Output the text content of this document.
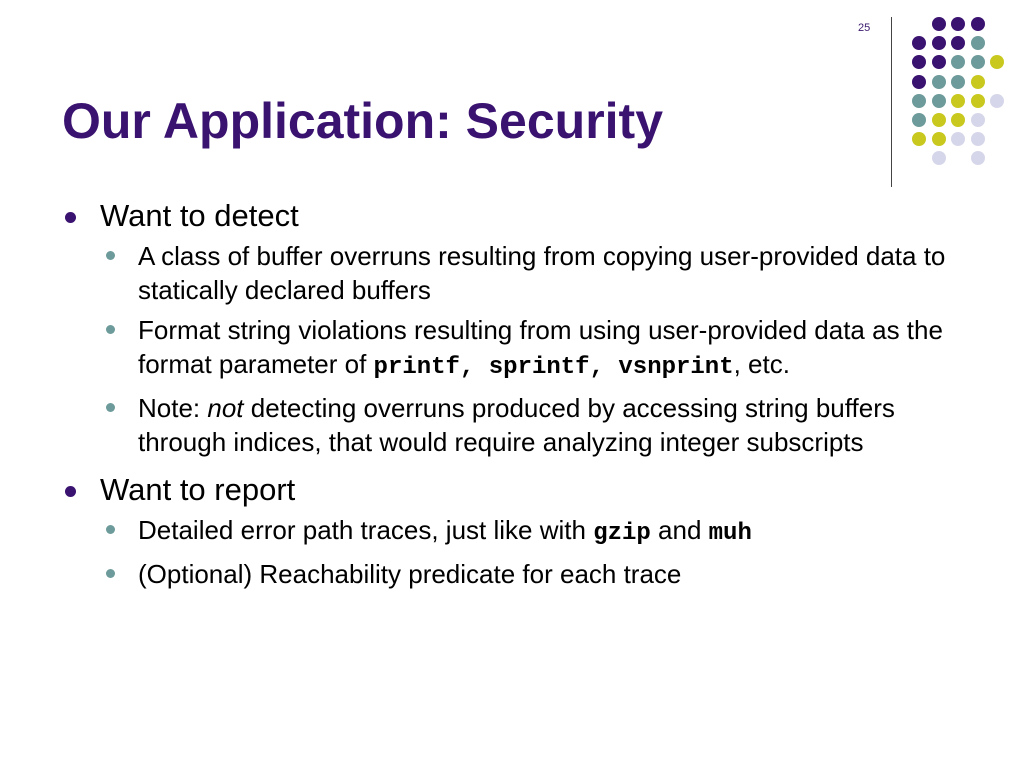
25
Our Application: Security
Want to detect
A class of buffer overruns resulting from copying user-provided data to statically declared buffers
Format string violations resulting from using user-provided data as the format parameter of printf, sprintf, vsnprint, etc.
Note: not detecting overruns produced by accessing string buffers through indices, that would require analyzing integer subscripts
Want to report
Detailed error path traces, just like with gzip and muh
(Optional) Reachability predicate for each trace
